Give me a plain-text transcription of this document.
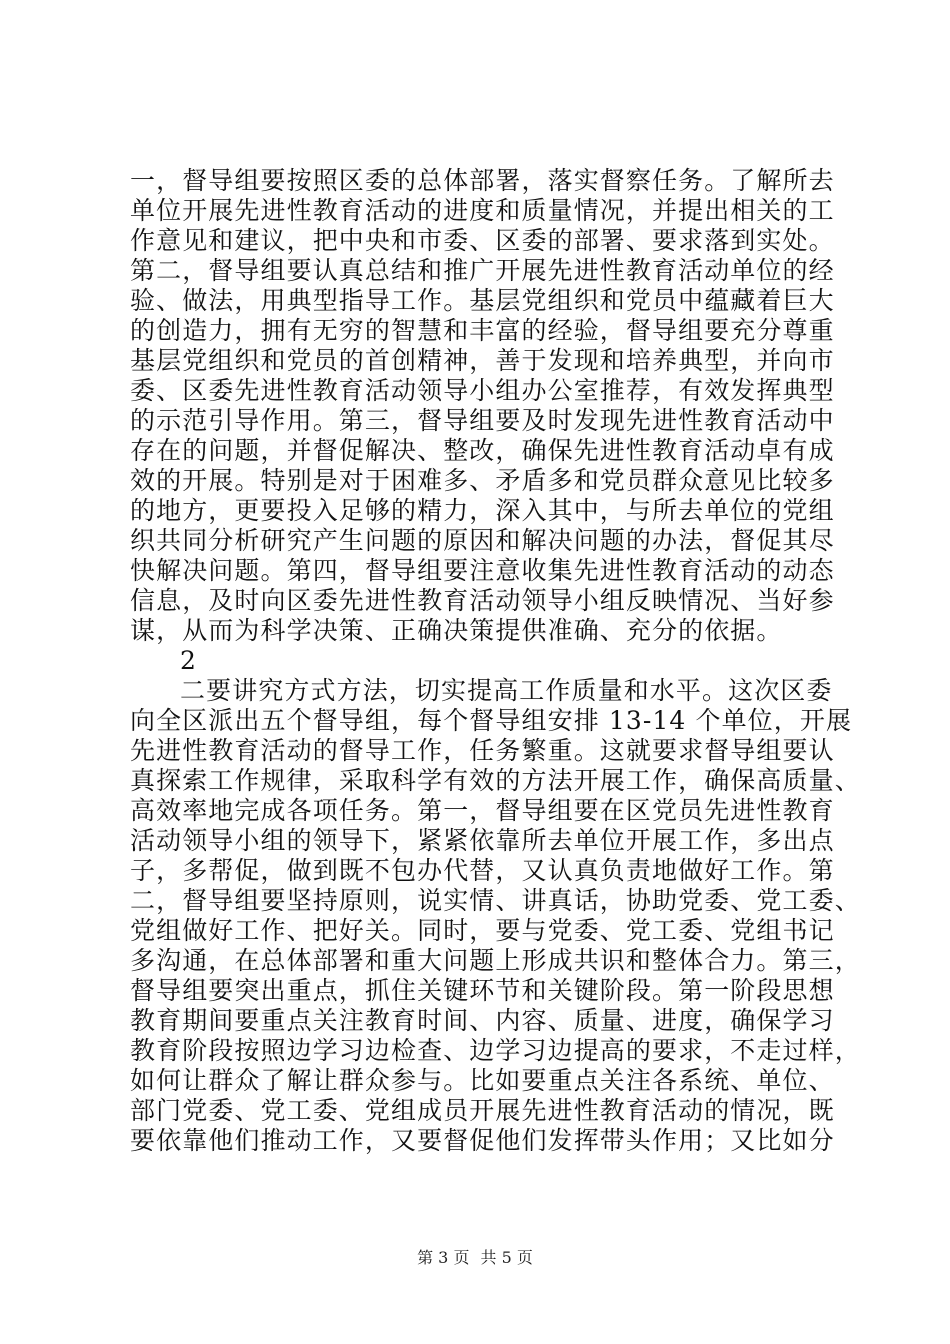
一，督导组要按照区委的总体部署，落实督察任务。了解所去
单位开展先进性教育活动的进度和质量情况，并提出相关的工
作意见和建议，把中央和市委、区委的部署、要求落到实处。
第二，督导组要认真总结和推广开展先进性教育活动单位的经
验、做法，用典型指导工作。基层党组织和党员中蕴藏着巨大
的创造力，拥有无穷的智慧和丰富的经验，督导组要充分尊重
基层党组织和党员的首创精神，善于发现和培养典型，并向市
委、区委先进性教育活动领导小组办公室推荐，有效发挥典型
的示范引导作用。第三，督导组要及时发现先进性教育活动中
存在的问题，并督促解决、整改，确保先进性教育活动卓有成
效的开展。特别是对于困难多、矛盾多和党员群众意见比较多
的地方，更要投入足够的精力，深入其中，与所去单位的党组
织共同分析研究产生问题的原因和解决问题的办法，督促其尽
快解决问题。第四，督导组要注意收集先进性教育活动的动态
信息，及时向区委先进性教育活动领导小组反映情况、当好参
谋，从而为科学决策、正确决策提供准确、充分的依据。
2
二要讲究方式方法，切实提高工作质量和水平。这次区委
向全区派出五个督导组，每个督导组安排 13-14 个单位，开展
先进性教育活动的督导工作，任务繁重。这就要求督导组要认
真探索工作规律，采取科学有效的方法开展工作，确保高质量、
高效率地完成各项任务。第一，督导组要在区党员先进性教育
活动领导小组的领导下，紧紧依靠所去单位开展工作，多出点
子，多帮促，做到既不包办代替，又认真负责地做好工作。第
二，督导组要坚持原则，说实情、讲真话，协助党委、党工委、
党组做好工作、把好关。同时，要与党委、党工委、党组书记
多沟通，在总体部署和重大问题上形成共识和整体合力。第三，
督导组要突出重点，抓住关键环节和关键阶段。第一阶段思想
教育期间要重点关注教育时间、内容、质量、进度，确保学习
教育阶段按照边学习边检查、边学习边提高的要求，不走过样，
如何让群众了解让群众参与。比如要重点关注各系统、单位、
部门党委、党工委、党组成员开展先进性教育活动的情况，既
要依靠他们推动工作，又要督促他们发挥带头作用；又比如分
第 3 页 共 5 页
